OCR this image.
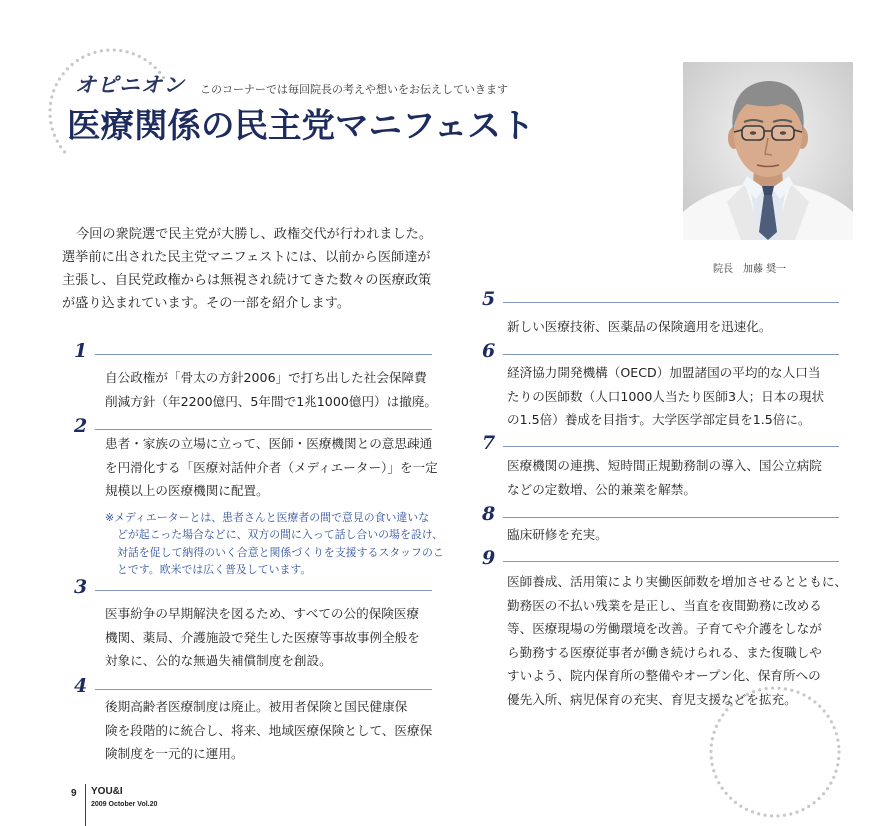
オピニオン このコーナーでは毎回院長の考えや想いをお伝えしていきます
医療関係の民主党マニフェスト
院長　加藤 奨一
今回の衆院選で民主党が大勝し、政権交代が行われました。
選挙前に出された民主党マニフェストには、以前から医師達が
主張し、自民党政権からは無視され続けてきた数々の医療政策
が盛り込まれています。その一部を紹介します。
1
自公政権が「骨太の方針2006」で打ち出した社会保障費
削減方針（年2200億円、5年間で1兆1000億円）は撤廃。
2
患者・家族の立場に立って、医師・医療機関との意思疎通
を円滑化する「医療対話仲介者（メディエーター）」を一定
規模以上の医療機関に配置。
※メディエーターとは、患者さんと医療者の間で意見の食い違いな
どが起こった場合などに、双方の間に入って話し合いの場を設け、
対話を促して納得のいく合意と関係づくりを支援するスタッフのこ
とです。欧米では広く普及しています。
3
医事紛争の早期解決を図るため、すべての公的保険医療
機関、薬局、介護施設で発生した医療等事故事例全般を
対象に、公的な無過失補償制度を創設。
4
後期高齢者医療制度は廃止。被用者保険と国民健康保
険を段階的に統合し、将来、地域医療保険として、医療保
険制度を一元的に運用。
5
新しい医療技術、医薬品の保険適用を迅速化。
6
経済協力開発機構（OECD）加盟諸国の平均的な人口当
たりの医師数（人口1000人当たり医師3人；日本の現状
の1.5倍）養成を目指す。大学医学部定員を1.5倍に。
7
医療機関の連携、短時間正規勤務制の導入、国公立病院
などの定数増、公的兼業を解禁。
8
臨床研修を充実。
9
医師養成、活用策により実働医師数を増加させるとともに、
勤務医の不払い残業を是正し、当直を夜間勤務に改める
等、医療現場の労働環境を改善。子育てや介護をしなが
ら勤務する医療従事者が働き続けられる、また復職しや
すいよう、院内保育所の整備やオープン化、保育所への
優先入所、病児保育の充実、育児支援などを拡充。
9 YOU&I
2009 October Vol.20
